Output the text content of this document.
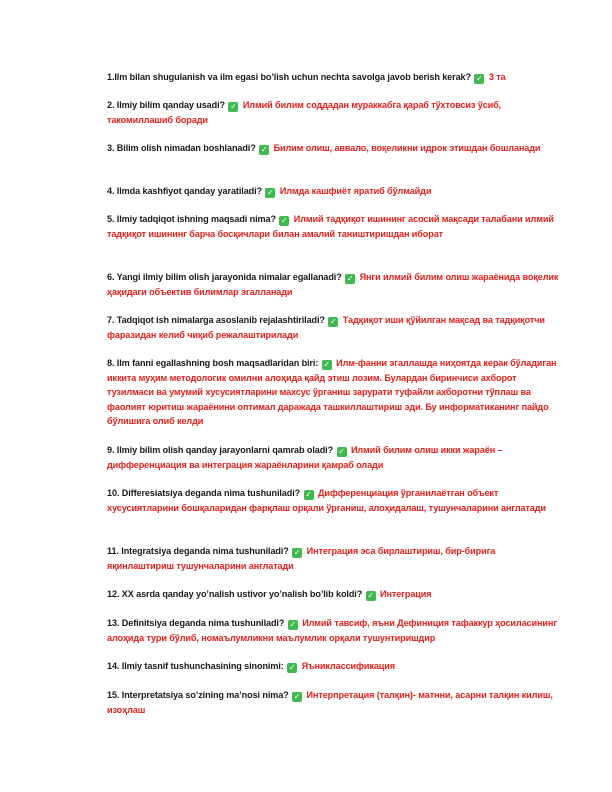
1.Ilm bilan shugulanish va ilm egasi bo’lish uchun nechta savolga javob berish kerak? ✓ 3 та
2. Ilmiy bilim qanday usadi? ✓ Илмий билим соддадан мураккабга қараб тўхтовсиз ўсиб, такомиллашиб боради
3. Bilim olish nimadan boshlanadi? ✓ Билим олиш, аввало, воқеликни идрок этишдан бошланади
4. Ilmda kashfiyot qanday yaratiladi? ✓ Илмда кашфиёт яратиб бўлмайди
5. Ilmiy tadqiqot ishning maqsadi nima? ✓ Илмий тадқиқот ишининг асосий мақсади талабани илмий тадқиқот ишининг барча босқичлари билан амалий таништиришдан иборат
6. Yangi ilmiy bilim olish jarayonida nimalar egallanadi? ✓ Янги илмий билим олиш жараёнида воқелик ҳақидаги объектив билимлар эгалланади
7. Tadqiqot ish nimalarga asoslanib rejalashtiriladi? ✓ Тадқиқот иши қўйилган мақсад ва тадқиқотчи фаразидан келиб чиқиб режалаштирилади
8. Ilm fanni egallashning bosh maqsadlaridan biri: ✓ Илм-фанни эгаллашда ниҳоятда керак бўладиган иккита муҳим методологик омилни алоҳида қайд этиш лозим. Булардан биринчиси ахборот тузилмаси ва умумий хусусиятларини махсус ўрганиш зарурати туфайли ахборотни тўплаш ва фаолият юритиш жараёнини оптимал даражада ташкиллаштириш эди. Бу информатиканинг пайдо бўлишига олиб келди
9. Ilmiy bilim olish qanday jarayonlarni qamrab oladi? ✓ Илмий билим олиш икки жараён – дифференциация ва интеграция жараёнларини қамраб олади
10. Differesiatsiya deganda nima tushuniladi? ✓ Дифференциация ўрганилаётган объект хусусиятларини бошқаларидан фарқлаш орқали ўрганиш, алоҳидалаш, тушунчаларини англатади
11. Integratsiya deganda nima tushuniladi? ✓ Интеграция эса бирлаштириш, бир-бирига яқинлаштириш тушунчаларини англатади
12. XX asrda qanday yo’nalish ustivor yo’nalish bo’lib koldi? ✓ Интеграция
13. Definitsiya deganda nima tushuniladi? ✓ Илмий тавсиф, яъни Дефиниция тафаккур ҳосиласининг алоҳида тури бўлиб, номаълумликни маълумлик орқали тушунтиришдир
14. Ilmiy tasnif tushunchasining sinonimi: ✓ Яъниклассификация
15. Interpretatsiya so’zining ma’nosi nima? ✓ Интерпретация (талқин)- матнни, асарни талқин килиш, изоҳлаш
